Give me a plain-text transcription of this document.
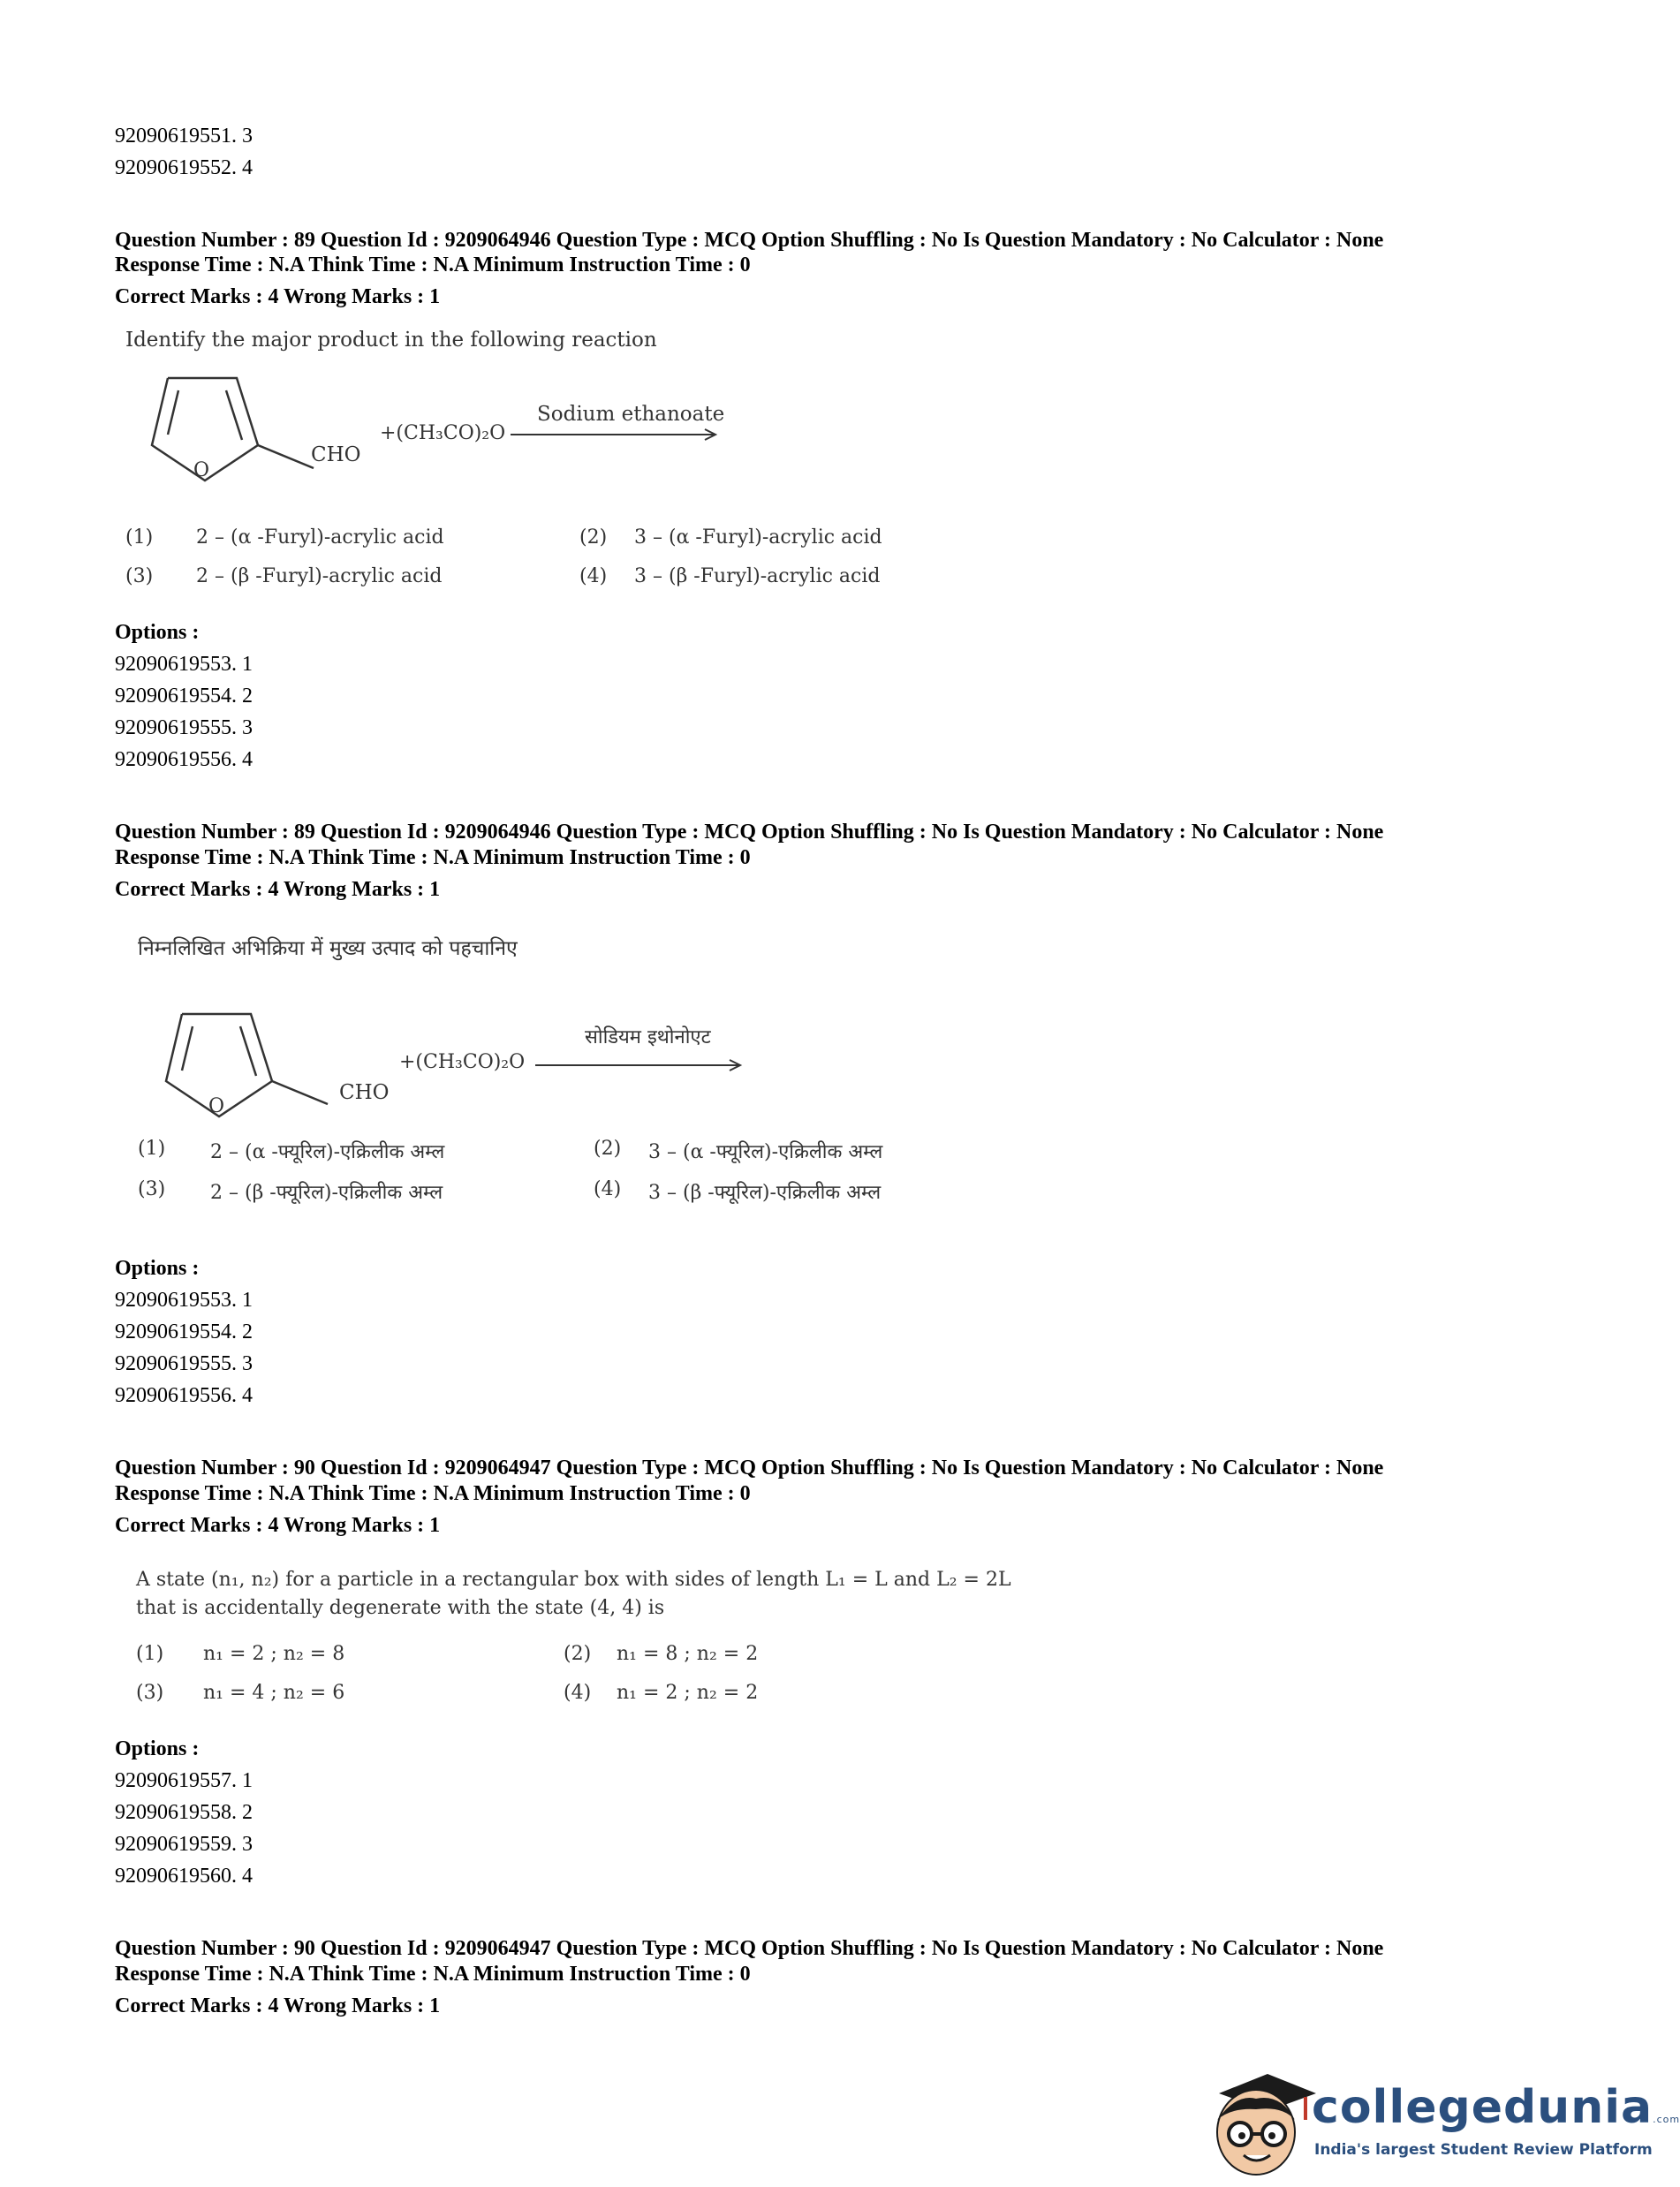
92090619551. 3
92090619552. 4
Question Number : 89 Question Id : 9209064946 Question Type : MCQ Option Shuffling : No Is Question Mandatory : No Calculator : None
Response Time : N.A Think Time : N.A Minimum Instruction Time : 0
Correct Marks : 4 Wrong Marks : 1
Identify the major product in the following reaction
O
CHO
+(CH₃CO)₂O
Sodium ethanoate
(1) 2 – (α -Furyl)-acrylic acid	(2) 3 – (α -Furyl)-acrylic acid
(3) 2 – (β -Furyl)-acrylic acid	(4) 3 – (β -Furyl)-acrylic acid
Options :
92090619553. 1
92090619554. 2
92090619555. 3
92090619556. 4
Question Number : 89 Question Id : 9209064946 Question Type : MCQ Option Shuffling : No Is Question Mandatory : No Calculator : None
Response Time : N.A Think Time : N.A Minimum Instruction Time : 0
Correct Marks : 4 Wrong Marks : 1
निम्नलिखित अभिक्रिया में मुख्य उत्पाद को पहचानिए
O
CHO
+(CH₃CO)₂O
सोडियम इथोनोएट
(1) 2 – (α -फ्यूरिल)-एक्रिलीक अम्ल	(2) 3 – (α -फ्यूरिल)-एक्रिलीक अम्ल
(3) 2 – (β -फ्यूरिल)-एक्रिलीक अम्ल	(4) 3 – (β -फ्यूरिल)-एक्रिलीक अम्ल
Options :
92090619553. 1
92090619554. 2
92090619555. 3
92090619556. 4
Question Number : 90 Question Id : 9209064947 Question Type : MCQ Option Shuffling : No Is Question Mandatory : No Calculator : None
Response Time : N.A Think Time : N.A Minimum Instruction Time : 0
Correct Marks : 4 Wrong Marks : 1
A state (n₁, n₂) for a particle in a rectangular box with sides of length L₁ = L and L₂ = 2L
that is accidentally degenerate with the state (4, 4) is
(1) n₁ = 2 ; n₂ = 8	(2) n₁ = 8 ; n₂ = 2
(3) n₁ = 4 ; n₂ = 6	(4) n₁ = 2 ; n₂ = 2
Options :
92090619557. 1
92090619558. 2
92090619559. 3
92090619560. 4
Question Number : 90 Question Id : 9209064947 Question Type : MCQ Option Shuffling : No Is Question Mandatory : No Calculator : None
Response Time : N.A Think Time : N.A Minimum Instruction Time : 0
Correct Marks : 4 Wrong Marks : 1
collegedunia.com
India's largest Student Review Platform
